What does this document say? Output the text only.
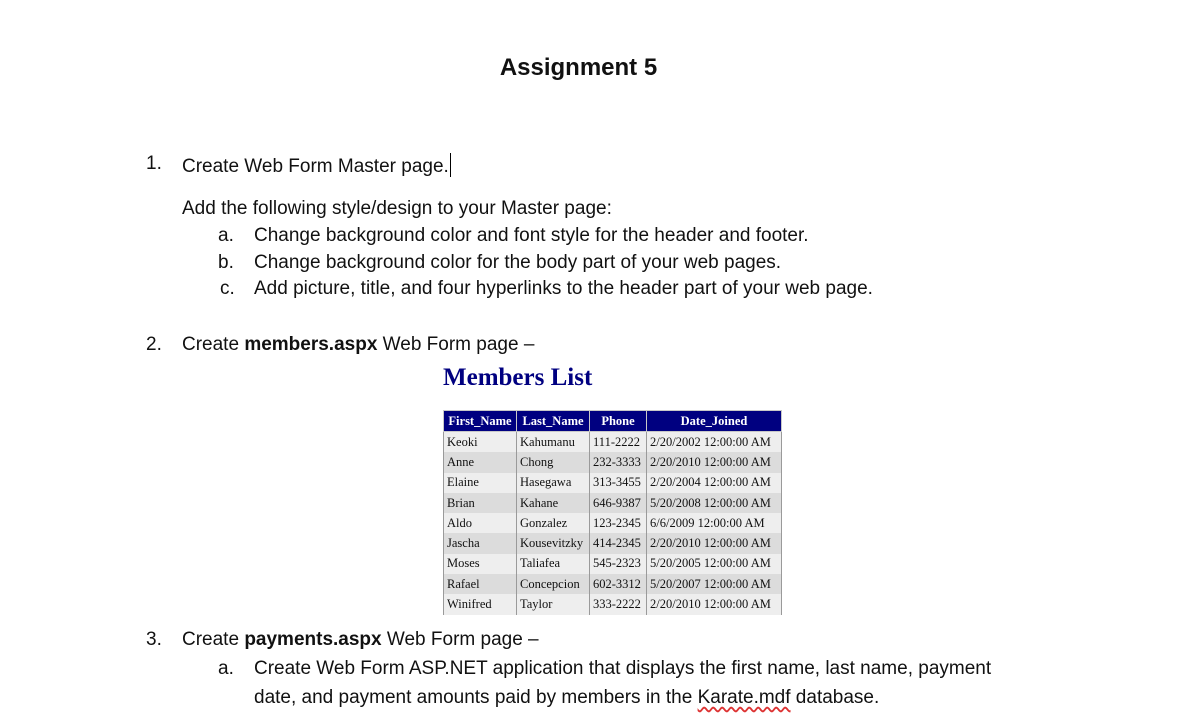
Assignment 5
1. Create Web Form Master page.
Add the following style/design to your Master page:
a. Change background color and font style for the header and footer.
b. Change background color for the body part of your web pages.
c. Add picture, title, and four hyperlinks to the header part of your web page.
2. Create members.aspx Web Form page –
Members List
First_Name	Last_Name	Phone	Date_Joined
Keoki	Kahumanu	111-2222	2/20/2002 12:00:00 AM
Anne	Chong	232-3333	2/20/2010 12:00:00 AM
Elaine	Hasegawa	313-3455	2/20/2004 12:00:00 AM
Brian	Kahane	646-9387	5/20/2008 12:00:00 AM
Aldo	Gonzalez	123-2345	6/6/2009 12:00:00 AM
Jascha	Kousevitzky	414-2345	2/20/2010 12:00:00 AM
Moses	Taliafea	545-2323	5/20/2005 12:00:00 AM
Rafael	Concepcion	602-3312	5/20/2007 12:00:00 AM
Winifred	Taylor	333-2222	2/20/2010 12:00:00 AM
3. Create payments.aspx Web Form page –
a. Create Web Form ASP.NET application that displays the first name, last name, payment
date, and payment amounts paid by members in the Karate.mdf database.
